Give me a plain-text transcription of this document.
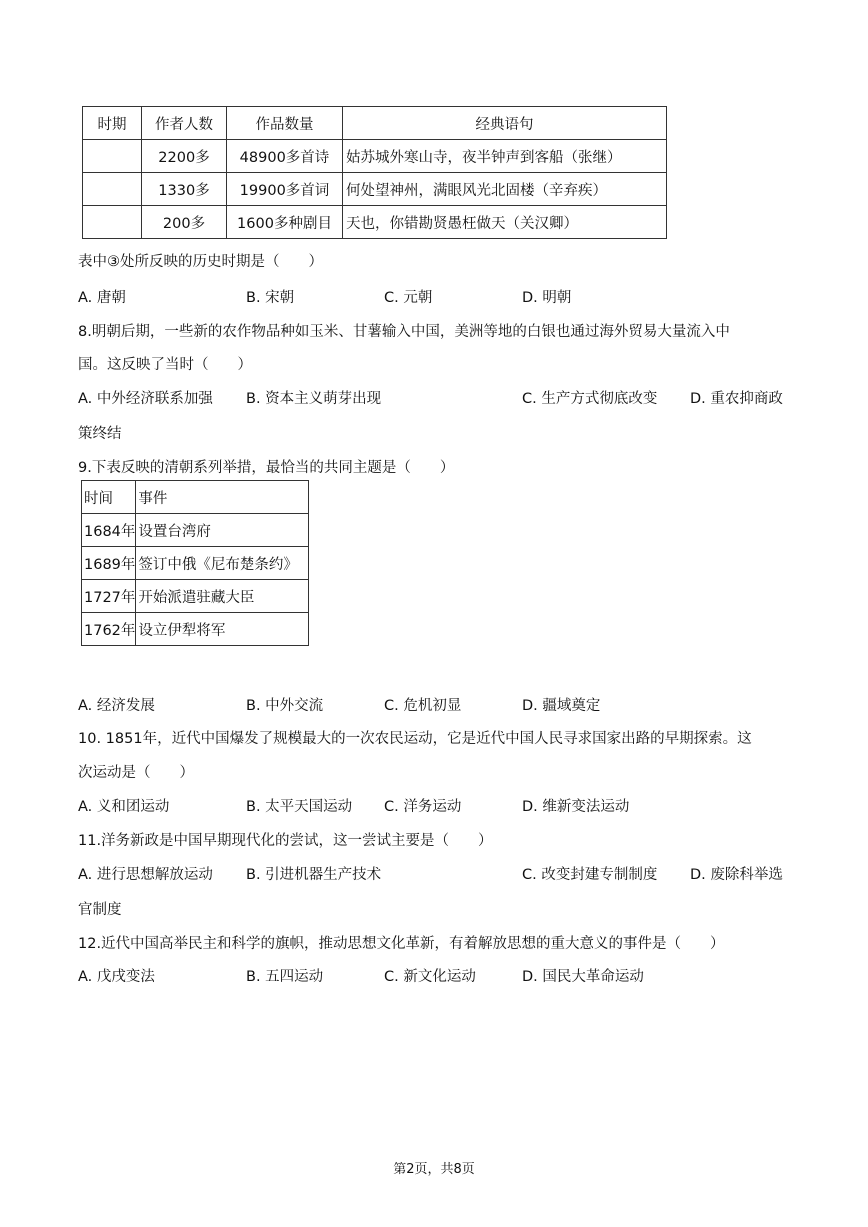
时期	作者人数	作品数量	经典语句
	2200多	48900多首诗	姑苏城外寒山寺，夜半钟声到客船（张继）
	1330多	19900多首词	何处望神州，满眼风光北固楼（辛弃疾）
	200多	1600多种剧目	天也，你错勘贤愚枉做天（关汉卿）
表中③处所反映的历史时期是（　　）
A. 唐朝	B. 宋朝	C. 元朝	D. 明朝
8.明朝后期，一些新的农作物品种如玉米、甘薯输入中国，美洲等地的白银也通过海外贸易大量流入中
国。这反映了当时（　　）
A. 中外经济联系加强 B. 资本主义萌芽出现	C. 生产方式彻底改变 D. 重农抑商政
策终结
9.下表反映的清朝系列举措，最恰当的共同主题是（　　）
时间	事件
1684年	设置台湾府
1689年	签订中俄《尼布楚条约》
1727年	开始派遣驻藏大臣
1762年	设立伊犁将军
A. 经济发展	B. 中外交流	C. 危机初显	D. 疆域奠定
10. 1851年，近代中国爆发了规模最大的一次农民运动，它是近代中国人民寻求国家出路的早期探索。这
次运动是（　　）
A. 义和团运动	B. 太平天国运动 C. 洋务运动	D. 维新变法运动
11.洋务新政是中国早期现代化的尝试，这一尝试主要是（　　）
A. 进行思想解放运动 B. 引进机器生产技术	C. 改变封建专制制度 D. 废除科举选
官制度
12.近代中国高举民主和科学的旗帜，推动思想文化革新，有着解放思想的重大意义的事件是（　　）
A. 戊戌变法	B. 五四运动	C. 新文化运动	D. 国民大革命运动
第2页，共8页
